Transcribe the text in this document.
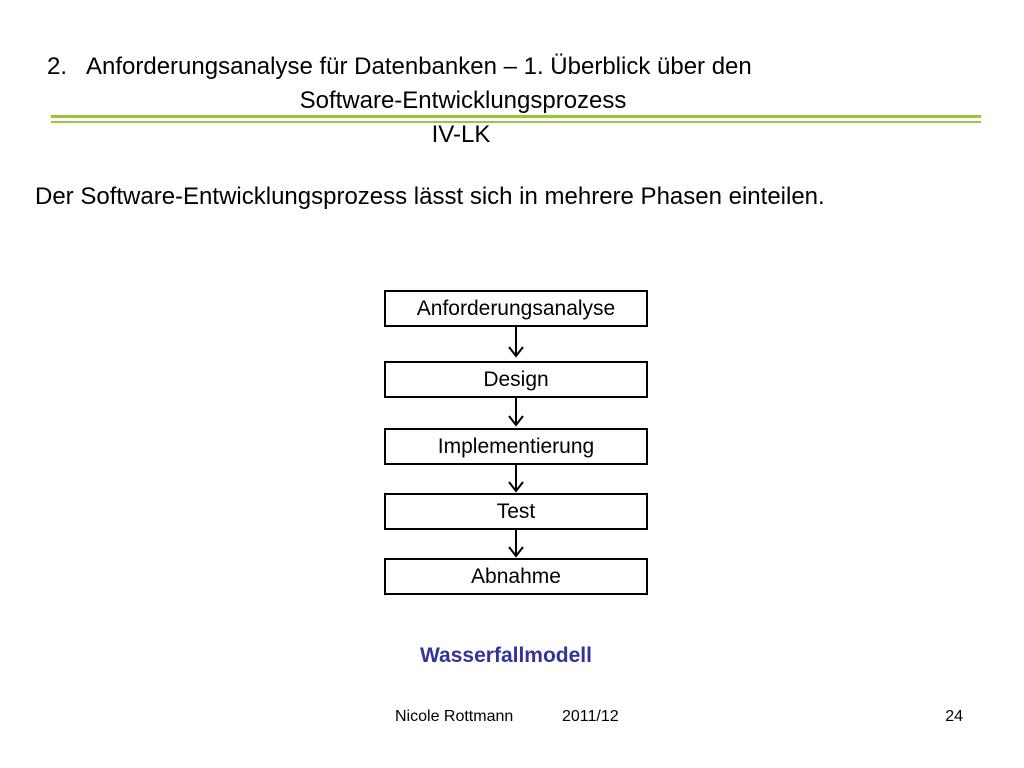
2. Anforderungsanalyse für Datenbanken – 1. Überblick über den
Software-Entwicklungsprozess
IV-LK
Der Software-Entwicklungsprozess lässt sich in mehrere Phasen einteilen.
Anforderungsanalyse
Design
Implementierung
Test
Abnahme
Wasserfallmodell
Nicole Rottmann	2011/12	24
